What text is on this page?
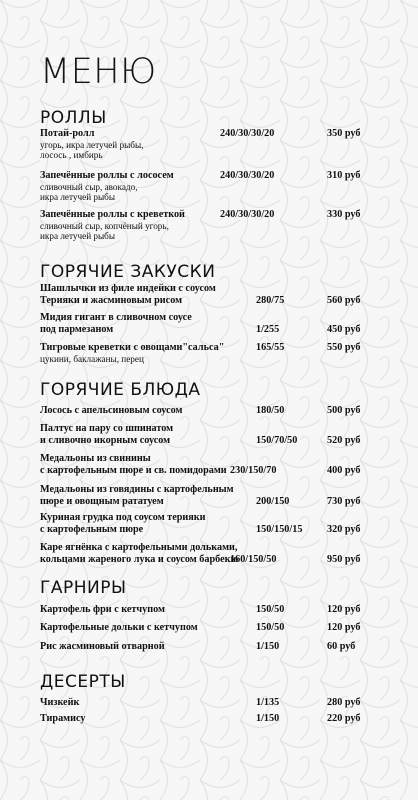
МЕНЮ
РОЛЛЫ
Потай-ролл
угорь, икра летучей рыбы,
лосось , имбирь
240/30/30/20	350 руб
Запечённые роллы с лососем
сливочный сыр, авокадо,
икра летучей рыбы
240/30/30/20	310 руб
Запечённые роллы с креветкой
сливочный сыр, копчёный угорь,
икра летучей рыбы
240/30/30/20	330 руб
ГОРЯЧИЕ ЗАКУСКИ
Шашлычки из филе индейки с соусом
Терияки и жасминовым рисом	280/75	560 руб
Мидия гигант в сливочном соусе
под пармезаном	1/255	450 руб
Тигровые креветки с овощами"сальса"
цукини, баклажаны, перец
165/55	550 руб
ГОРЯЧИЕ БЛЮДА
Лосось с апельсиновым соусом	180/50	500 руб
Палтус на пару со шпинатом
и сливочно икорным соусом	150/70/50	520 руб
Медальоны из свинины
с картофельным пюре и св. помидорами 230/150/70	400 руб
Медальоны из говядины с картофельным
пюре и овощным рататуем	200/150	730 руб
Куриная грудка под соусом терияки
с картофельным пюре	150/150/15 320 руб
Каре ягнёнка с картофельными дольками,
кольцами жареного лука и соусом барбекю
160/150/50	950 руб
ГАРНИРЫ
Картофель фри с кетчупом	150/50	120 руб
Картофельные дольки с кетчупом	150/50	120 руб
Рис жасминовый отварной	1/150	60 руб
ДЕСЕРТЫ
Чизкейк	1/135	280 руб
Тирамису	1/150	220 руб
